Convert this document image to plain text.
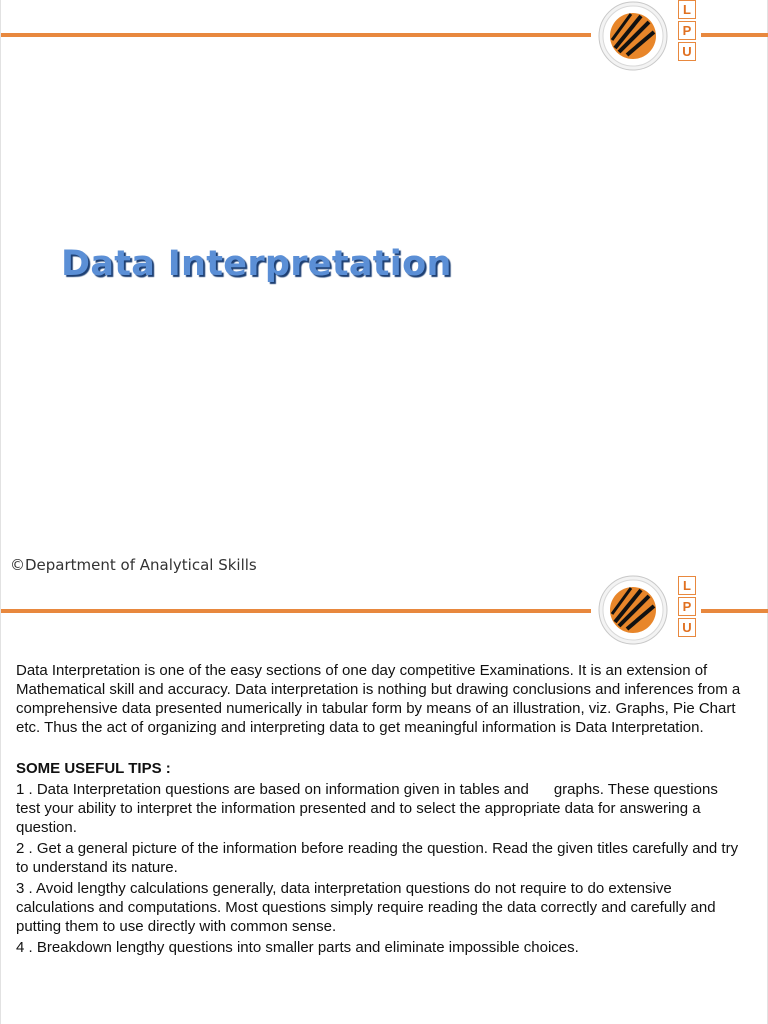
L
P
U
Data Interpretation

©Department of Analytical Skills

L
P
U

Data Interpretation is one of the easy sections of one day competitive Examinations. It is an extension of Mathematical skill and accuracy. Data interpretation is nothing but drawing conclusions and inferences from a comprehensive data presented numerically in tabular form by means of an illustration, viz. Graphs, Pie Chart etc. Thus the act of organizing and interpreting data to get meaningful information is Data Interpretation.

SOME USEFUL TIPS :

1 . Data Interpretation questions are based on information given in tables and      graphs. These questions test your ability to interpret the information presented and to select the appropriate data for answering a question.

2 . Get a general picture of the information before reading the question. Read the given titles carefully and try to understand its nature.

3 . Avoid lengthy calculations generally, data interpretation questions do not require to do extensive calculations and computations. Most questions simply require reading the data correctly and carefully and putting them to use directly with common sense.

4 . Breakdown lengthy questions into smaller parts and eliminate impossible choices.
